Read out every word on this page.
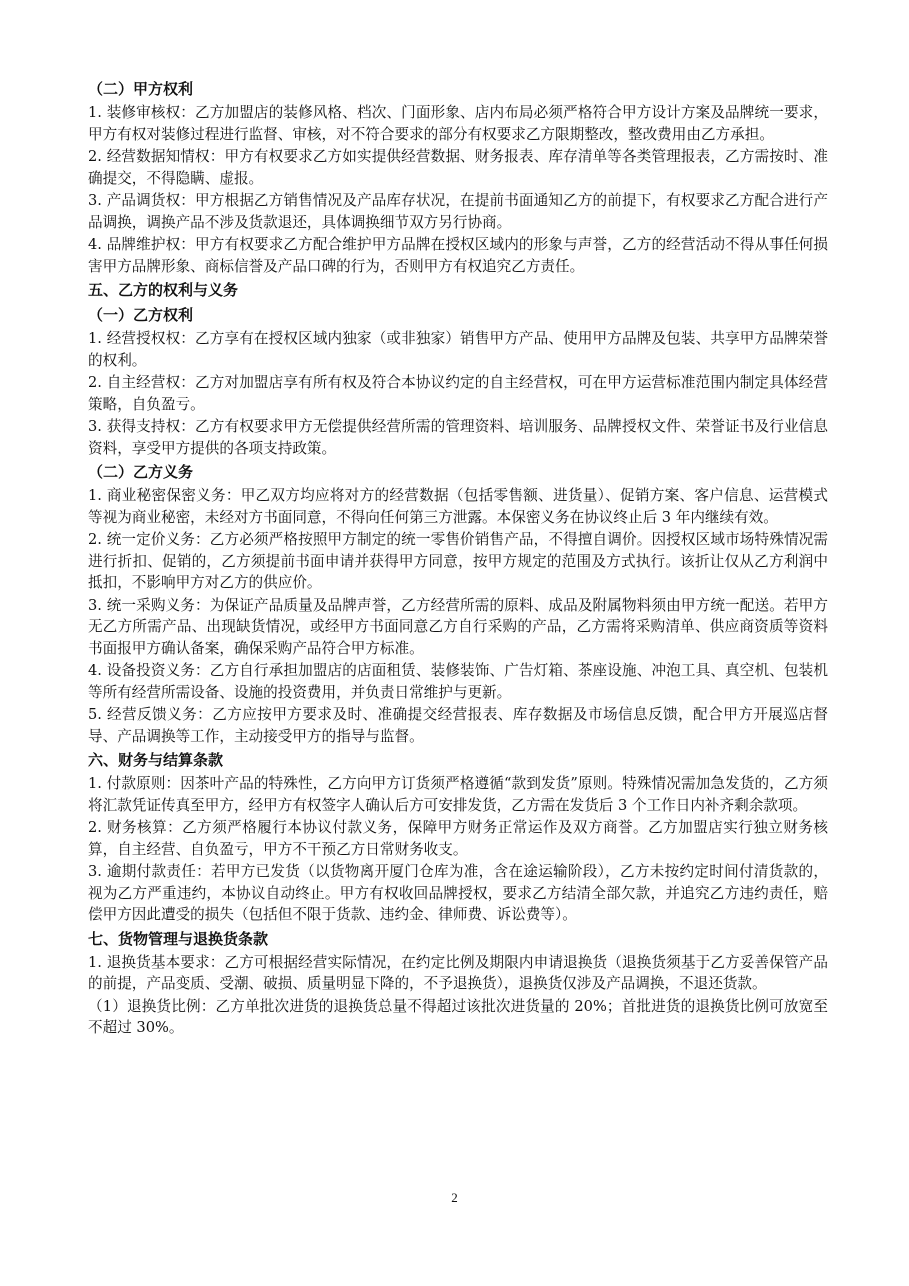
（二）甲方权利

1. 装修审核权：乙方加盟店的装修风格、档次、门面形象、店内布局必须严格符合甲方设计方案及品牌统一要求，甲方有权对装修过程进行监督、审核，对不符合要求的部分有权要求乙方限期整改，整改费用由乙方承担。

2. 经营数据知情权：甲方有权要求乙方如实提供经营数据、财务报表、库存清单等各类管理报表，乙方需按时、准确提交，不得隐瞒、虚报。

3. 产品调货权：甲方根据乙方销售情况及产品库存状况，在提前书面通知乙方的前提下，有权要求乙方配合进行产品调换，调换产品不涉及货款退还，具体调换细节双方另行协商。

4. 品牌维护权：甲方有权要求乙方配合维护甲方品牌在授权区域内的形象与声誉，乙方的经营活动不得从事任何损害甲方品牌形象、商标信誉及产品口碑的行为，否则甲方有权追究乙方责任。

五、乙方的权利与义务

（一）乙方权利

1. 经营授权权：乙方享有在授权区域内独家（或非独家）销售甲方产品、使用甲方品牌及包装、共享甲方品牌荣誉的权利。

2. 自主经营权：乙方对加盟店享有所有权及符合本协议约定的自主经营权，可在甲方运营标准范围内制定具体经营策略，自负盈亏。

3. 获得支持权：乙方有权要求甲方无偿提供经营所需的管理资料、培训服务、品牌授权文件、荣誉证书及行业信息资料，享受甲方提供的各项支持政策。

（二）乙方义务

1. 商业秘密保密义务：甲乙双方均应将对方的经营数据（包括零售额、进货量）、促销方案、客户信息、运营模式等视为商业秘密，未经对方书面同意，不得向任何第三方泄露。本保密义务在协议终止后 3 年内继续有效。

2. 统一定价义务：乙方必须严格按照甲方制定的统一零售价销售产品，不得擅自调价。因授权区域市场特殊情况需进行折扣、促销的，乙方须提前书面申请并获得甲方同意，按甲方规定的范围及方式执行。该折让仅从乙方利润中抵扣，不影响甲方对乙方的供应价。

3. 统一采购义务：为保证产品质量及品牌声誉，乙方经营所需的原料、成品及附属物料须由甲方统一配送。若甲方无乙方所需产品、出现缺货情况，或经甲方书面同意乙方自行采购的产品，乙方需将采购清单、供应商资质等资料书面报甲方确认备案，确保采购产品符合甲方标准。

4. 设备投资义务：乙方自行承担加盟店的店面租赁、装修装饰、广告灯箱、茶座设施、冲泡工具、真空机、包装机等所有经营所需设备、设施的投资费用，并负责日常维护与更新。

5. 经营反馈义务：乙方应按甲方要求及时、准确提交经营报表、库存数据及市场信息反馈，配合甲方开展巡店督导、产品调换等工作，主动接受甲方的指导与监督。

六、财务与结算条款

1. 付款原则：因茶叶产品的特殊性，乙方向甲方订货须严格遵循“款到发货”原则。特殊情况需加急发货的，乙方须将汇款凭证传真至甲方，经甲方有权签字人确认后方可安排发货，乙方需在发货后 3 个工作日内补齐剩余款项。

2. 财务核算：乙方须严格履行本协议付款义务，保障甲方财务正常运作及双方商誉。乙方加盟店实行独立财务核算，自主经营、自负盈亏，甲方不干预乙方日常财务收支。

3. 逾期付款责任：若甲方已发货（以货物离开厦门仓库为准，含在途运输阶段），乙方未按约定时间付清货款的，视为乙方严重违约，本协议自动终止。甲方有权收回品牌授权，要求乙方结清全部欠款，并追究乙方违约责任，赔偿甲方因此遭受的损失（包括但不限于货款、违约金、律师费、诉讼费等）。

七、货物管理与退换货条款

1. 退换货基本要求：乙方可根据经营实际情况，在约定比例及期限内申请退换货（退换货须基于乙方妥善保管产品的前提，产品变质、受潮、破损、质量明显下降的，不予退换货），退换货仅涉及产品调换，不退还货款。

（1）退换货比例：乙方单批次进货的退换货总量不得超过该批次进货量的 20%；首批进货的退换货比例可放宽至不超过 30%。

2
